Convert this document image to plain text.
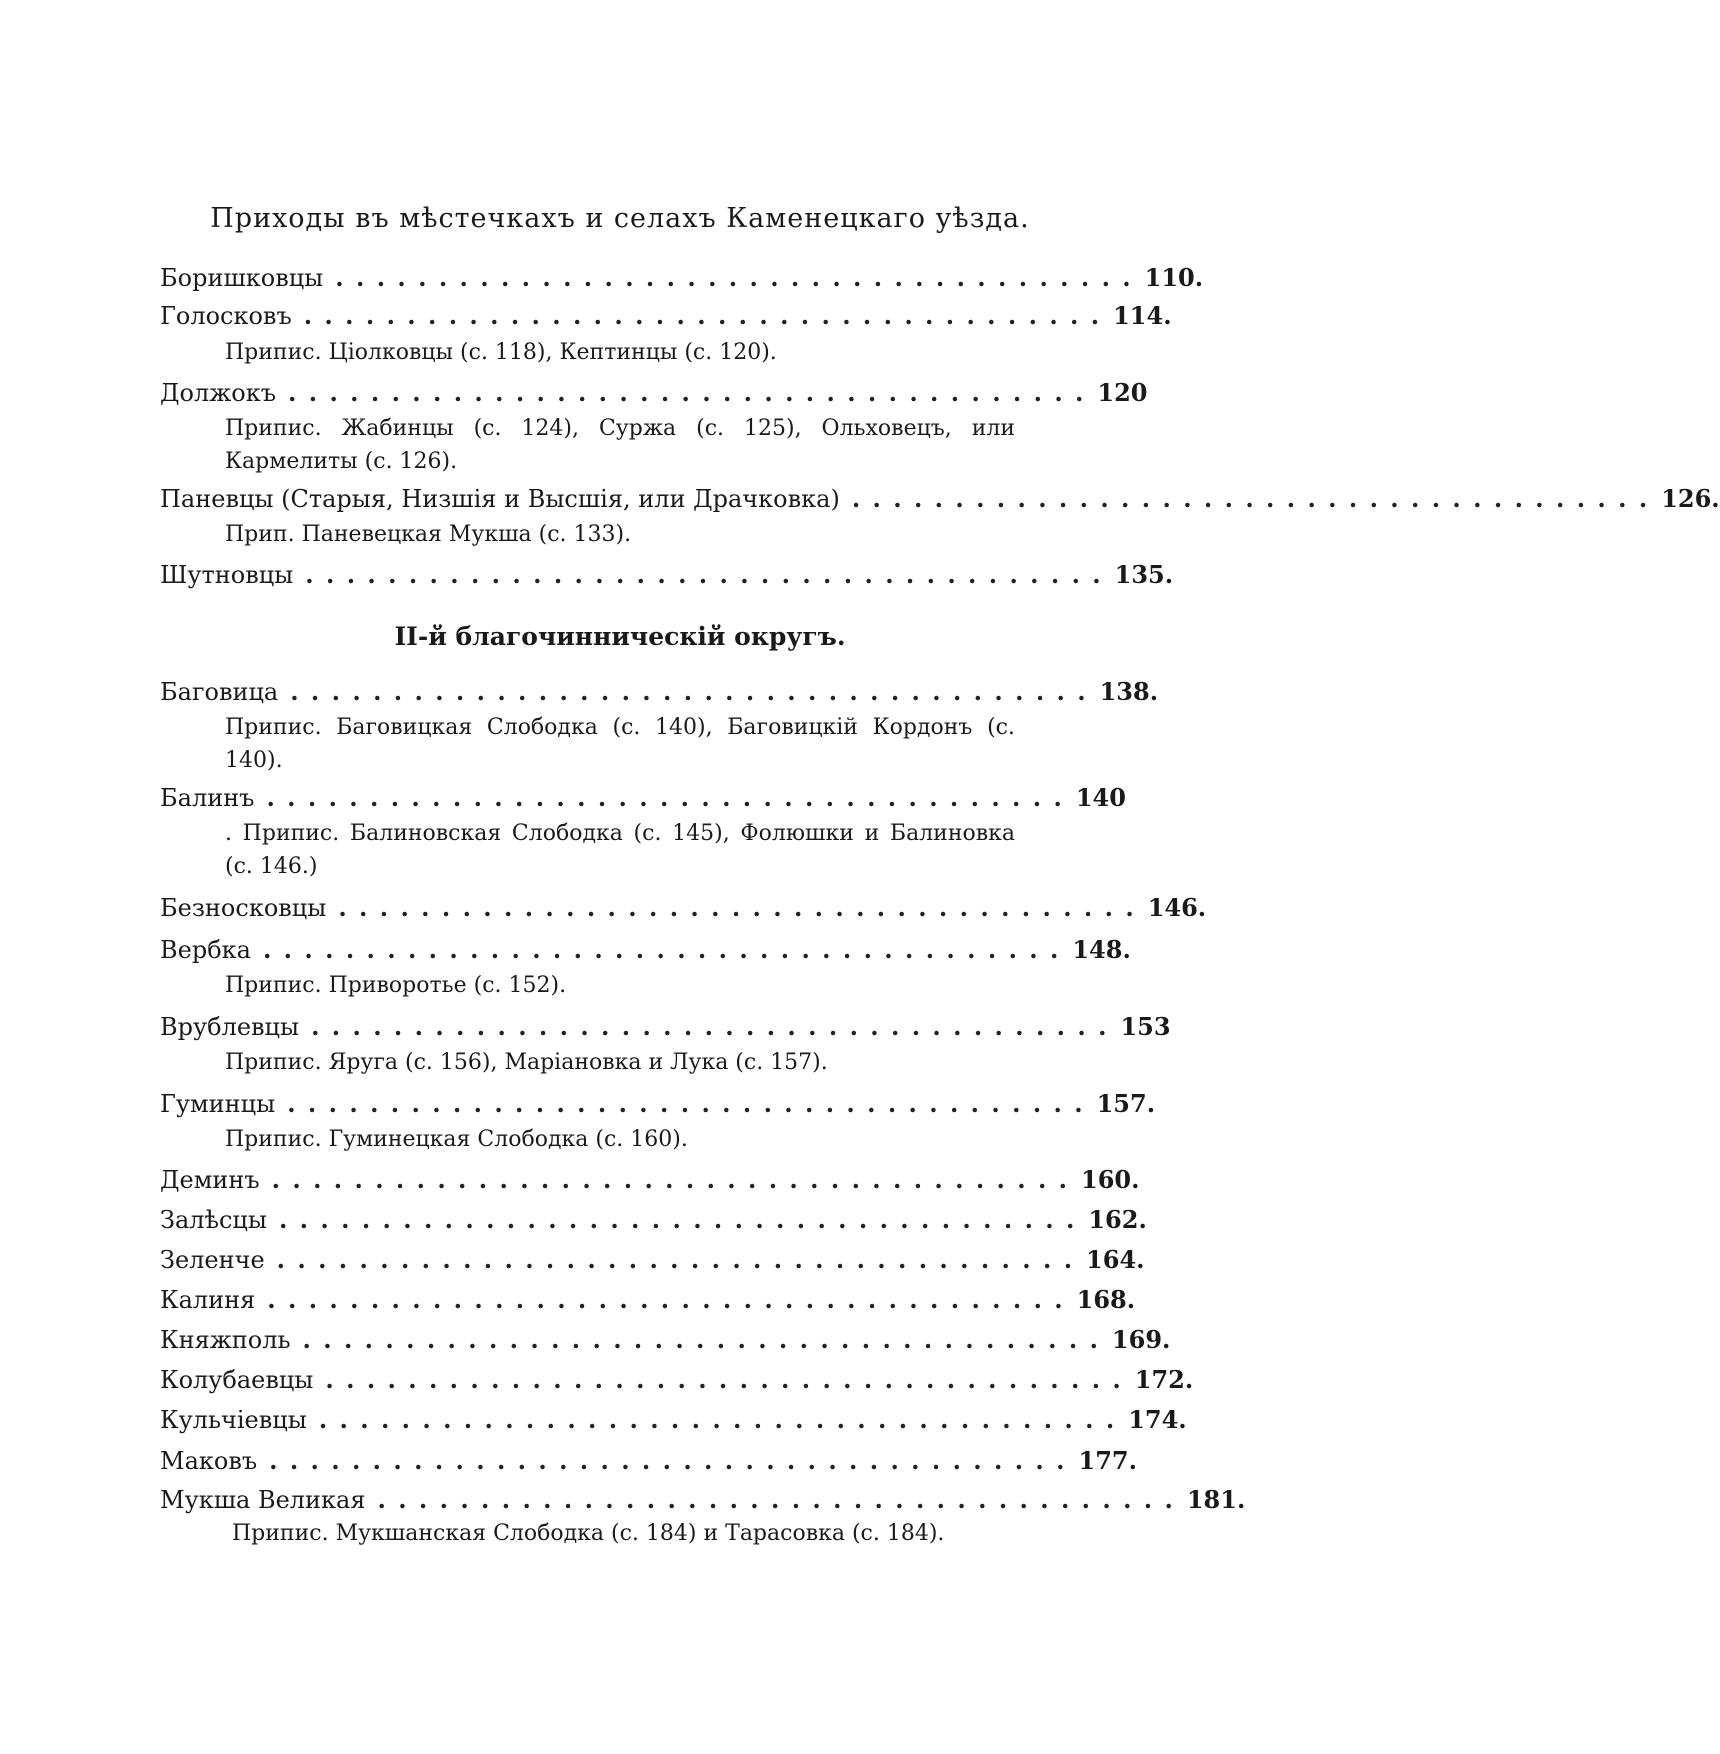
Приходы въ мѣстечкахъ и селахъ Каменецкаго уѣзда.
Боришковцы . . . . . . . . . . . . . . . . . . . . . . . . . . . . . . . . . . . . . . . 110.
Голосковъ . . . . . . . . . . . . . . . . . . . . . . . . . . . . . . . . . . . . . . . 114.
Припис. Ціолковцы (с. 118), Кептинцы (с. 120).
Должокъ . . . . . . . . . . . . . . . . . . . . . . . . . . . . . . . . . . . . . . . 120
Припис. Жабинцы (с. 124), Суржа (с. 125), Ольховецъ, или Кармелиты (с. 126).
Паневцы (Старыя, Низшія и Высшія, или Драчковка) . . . . . . . . . . . . . . . . . . . . . . . . . . . . . . . . . . . . . . . 126.
Прип. Паневецкая Мукша (с. 133).
Шутновцы . . . . . . . . . . . . . . . . . . . . . . . . . . . . . . . . . . . . . . . 135.
II-й благочинническій округъ.
Баговица . . . . . . . . . . . . . . . . . . . . . . . . . . . . . . . . . . . . . . . 138.
Припис. Баговицкая Слободка (с. 140), Баговицкій Кордонъ (с. 140).
Балинъ . . . . . . . . . . . . . . . . . . . . . . . . . . . . . . . . . . . . . . . 140
. Припис. Балиновская Слободка (с. 145), Фолюшки и Балиновка (с. 146.)
Безносковцы . . . . . . . . . . . . . . . . . . . . . . . . . . . . . . . . . . . . . . . 146.
Вербка . . . . . . . . . . . . . . . . . . . . . . . . . . . . . . . . . . . . . . . 148.
Припис. Приворотье (с. 152).
Врублевцы . . . . . . . . . . . . . . . . . . . . . . . . . . . . . . . . . . . . . . . 153
Припис. Яруга (с. 156), Маріановка и Лука (с. 157).
Гуминцы . . . . . . . . . . . . . . . . . . . . . . . . . . . . . . . . . . . . . . . 157.
Припис. Гуминецкая Слободка (с. 160).
Деминъ . . . . . . . . . . . . . . . . . . . . . . . . . . . . . . . . . . . . . . . 160.
Залѣсцы . . . . . . . . . . . . . . . . . . . . . . . . . . . . . . . . . . . . . . . 162.
Зеленче . . . . . . . . . . . . . . . . . . . . . . . . . . . . . . . . . . . . . . . 164.
Калиня . . . . . . . . . . . . . . . . . . . . . . . . . . . . . . . . . . . . . . . 168.
Княжполь . . . . . . . . . . . . . . . . . . . . . . . . . . . . . . . . . . . . . . . 169.
Колубаевцы . . . . . . . . . . . . . . . . . . . . . . . . . . . . . . . . . . . . . . . 172.
Кульчіевцы . . . . . . . . . . . . . . . . . . . . . . . . . . . . . . . . . . . . . . . 174.
Маковъ . . . . . . . . . . . . . . . . . . . . . . . . . . . . . . . . . . . . . . . 177.
Мукша Великая . . . . . . . . . . . . . . . . . . . . . . . . . . . . . . . . . . . . . . . 181.
Припис. Мукшанская Слободка (с. 184) и Тарасовка (с. 184).
